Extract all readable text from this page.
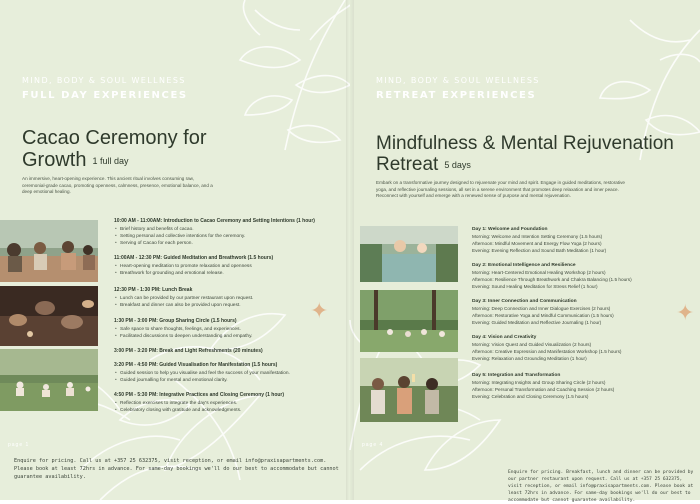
MIND, BODY & SOUL WELLNESS
FULL DAY EXPERIENCES
Cacao Ceremony for Growth 1 full day

An immersive, heart-opening experience. This ancient ritual involves consuming raw, ceremonial-grade cacao, promoting openness, calmness, presence, emotional balance, and a deep emotional healing.

10:00 AM - 11:00AM: Introduction to Cacao Ceremony and Setting Intentions (1 hour)
• Brief history and benefits of cacao.
• Setting personal and collective intentions for the ceremony.
• Serving of Cacao for each person.
11:00AM - 12:30 PM: Guided Meditation and Breathwork (1.5 hours)
• Heart-opening meditation to promote relaxation and openness
• Breathwork for grounding and emotional release.
12:30 PM - 1:30 PM: Lunch Break
• Lunch can be provided by our partner restaurant upon request.
• Breakfast and dinner can also be provided upon request.
1:30 PM - 3:00 PM: Group Sharing Circle (1.5 hours)
• Safe space to share thoughts, feelings, and experiences.
• Facilitated discussions to deepen understanding and empathy.
3:00 PM - 3:20 PM: Break and Light Refreshments (20 minutes)
3:20 PM - 4:50 PM: Guided Visualisation for Manifestation (1.5 hours)
• Guided session to help you visualise and feel the success of your manifestation.
• Guided journalling for mental and emotional clarity.
4:50 PM - 5:30 PM: Integrative Practices and Closing Ceremony (1 hour)
• Reflection exercises to integrate the day's experiences.
• Celebratory closing with gratitude and acknowledgments.
page 1
Enquire for pricing. Call us at +357 25 632375, visit reception, or email info@praxisapartments.com. Please book at least 72hrs in advance. For same-day bookings we'll do our best to accommodate but cannot guarantee availability.
MIND, BODY & SOUL WELLNESS
RETREAT EXPERIENCES
Mindfulness & Mental Rejuvenation Retreat 5 days

Embark on a transformative journey designed to rejuvenate your mind and spirit. Engage in guided meditations, restorative yoga, and reflective journaling sessions, all set in a serene environment that promotes deep relaxation and inner peace. Reconnect with yourself and emerge with a renewed sense of purpose and mental rejuvenation.

Day 1: Welcome and Foundation
Morning: Welcome and Intention Setting Ceremony (1.5 hours)
Afternoon: Mindful Movement and Energy Flow Yoga (2 hours)
Evening: Evening Reflection and Sound Bath Meditation (1 hour)
Day 2: Emotional Intelligence and Resilience
Morning: Heart-Centered Emotional Healing Workshop (2 hours)
Afternoon: Resilience Through Breathwork and Chakra Balancing (1.5 hours)
Evening: Sound Healing Meditation for Stress Relief (1 hour)
Day 3: Inner Connection and Communication
Morning: Deep Connection and Inner Dialogue Exercises (2 hours)
Afternoon: Restorative Yoga and Mindful Communication (1.5 hours)
Evening: Guided Meditation and Reflective Journaling (1 hour)
Day 4: Vision and Creativity
Morning: Vision Quest and Guided Visualization (2 hours)
Afternoon: Creative Expression and Manifestation Workshop (1.5 hours)
Evening: Relaxation and Grounding Meditation (1 hour)
Day 5: Integration and Transformation
Morning: Integrating Insights and Group Sharing Circle (2 hours)
Afternoon: Personal Transformation and Coaching Session (2 hours)
Evening: Celebration and Closing Ceremony (1.5 hours)
✦	✦
page 4
Enquire for pricing. Breakfast, lunch and dinner can be provided by our partner restaurant upon request. Call us at +357 25 632375, visit reception, or email info@praxisapartments.com. Please book at least 72hrs in advance. For same-day bookings we'll do our best to accommodate but cannot guarantee availability.
